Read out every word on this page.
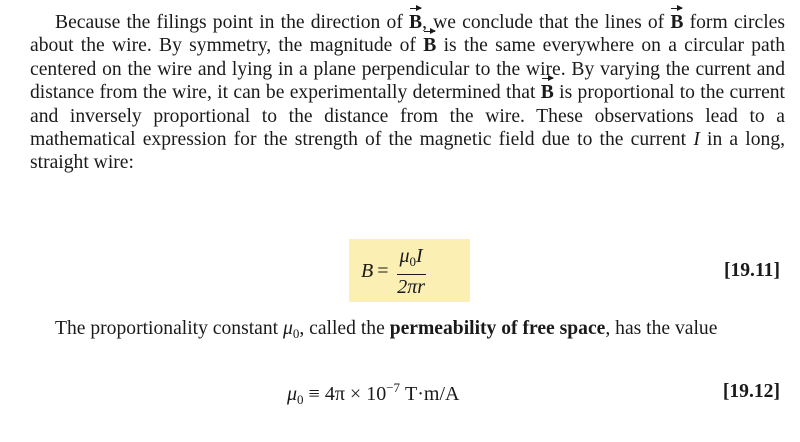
Because the filings point in the direction of B, we conclude that the lines of B form circles about the wire. By symmetry, the magnitude of B is the same everywhere on a circular path centered on the wire and lying in a plane perpendicular to the wire. By varying the current and distance from the wire, it can be experimentally determined that B is proportional to the current and inversely proportional to the distance from the wire. These observations lead to a mathematical expression for the strength of the magnetic field due to the current I in a long, straight wire:

$B = \frac{\mu_0I}{2\pi r}$	[19.11]

The proportionality constant $\mu_0$, called the permeability of free space, has the value

$\mu_0 \equiv 4\pi \times 10^{-7}$ T·m/A	[19.12]
